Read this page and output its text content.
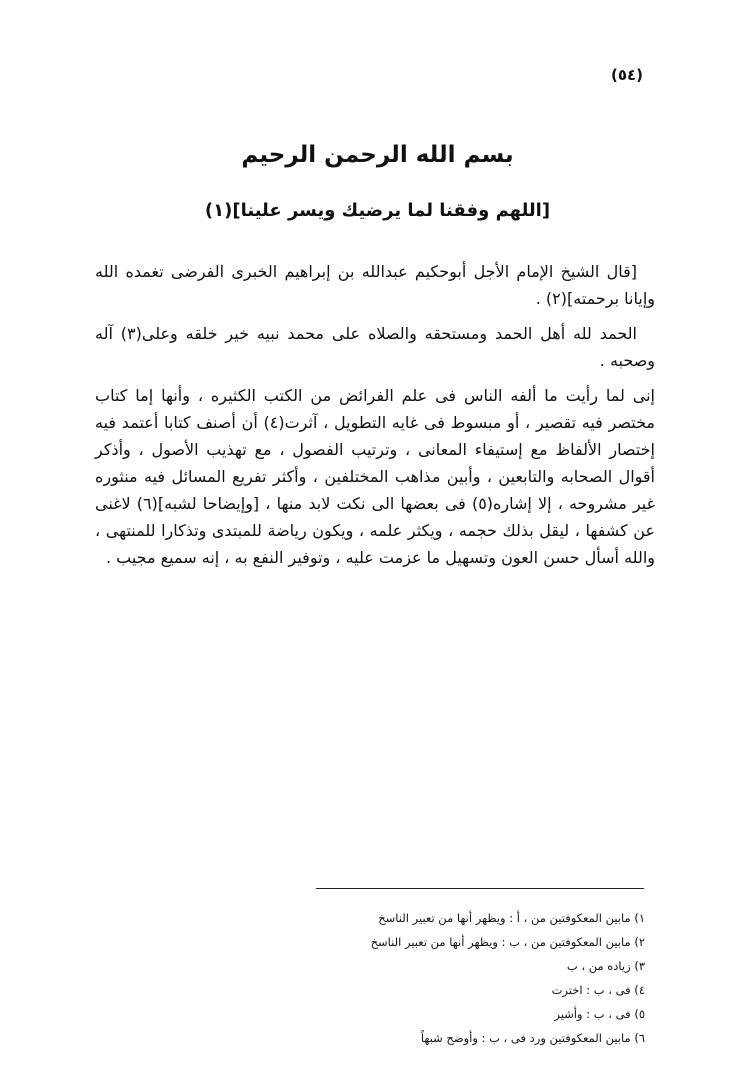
(٥٤)
بسم الله الرحمن الرحيم
[اللهم وفقنا لما يرضيك ويسر علينا](١)

[قال الشيخ الإمام الأجل أبوحكيم عبدالله بن إبراهيم الخبرى الفرضى تغمده الله وإيانا برحمته](٢) .

الحمد لله أهل الحمد ومستحقه والصلاه على محمد نبيه خير خلقه وعلى(٣) آله وصحبه .

إنى لما رأيت ما ألفه الناس فى علم الفرائض من الكتب الكثيره ، وأنها إما كتاب مختصر فيه تقصير ، أو مبسوط فى غايه التطويل ، آثرت(٤) أن أصنف كتابا أعتمد فيه إختصار الألفاظ مع إستيفاء المعانى ، وترتيب الفصول ، مع تهذيب الأصول ، وأذكر أقوال الصحابه والتابعين ، وأبين مذاهب المختلفين ، وأكثر تفريع المسائل فيه منثوره غير مشروحه ، إلا إشاره(٥) فى بعضها الى نكت لابد منها ، [وإيضاحا لشبه](٦) لاغنى عن كشفها ، ليقل بذلك حجمه ، ويكثر علمه ، ويكون رياضة للمبتدى وتذكارا للمنتهى ، والله أسأل حسن العون وتسهيل ما عزمت عليه ، وتوفير النفع به ، إنه سميع مجيب .

١) مابين المعكوفتين من ، أ : ويظهر أنها من تعبير الناسخ
٢) مابين المعكوفتين من ، ب : ويظهر أنها من تعبير الناسخ
٣) زياده من ، ب
٤) فى ، ب : اخترت
٥) فى ، ب : وأشير
٦) مابين المعكوفتين ورد فى ، ب : وأوضح شبهاً
